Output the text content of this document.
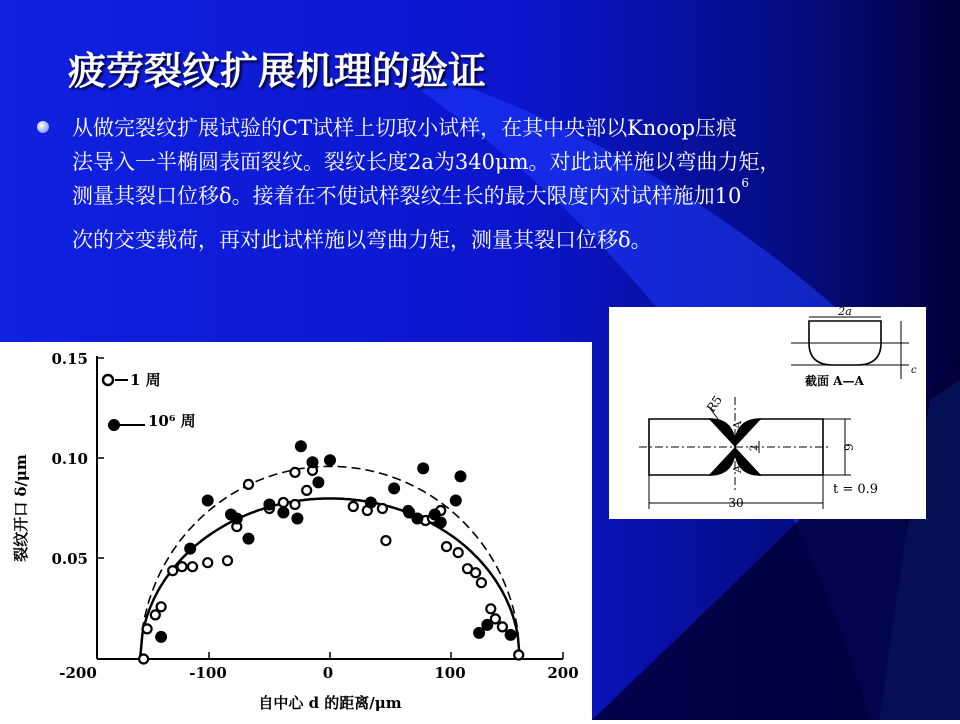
疲劳裂纹扩展机理的验证
从做完裂纹扩展试验的CT试样上切取小试样，在其中央部以Knoop压痕
法导入一半椭圆表面裂纹。裂纹长度2a为340μm。对此试样施以弯曲力矩，
测量其裂口位移δ。接着在不使试样裂纹生长的最大限度内对试样施加$10^6$
次的交变载荷，再对此试样施以弯曲力矩，测量其裂口位移δ。
-200	-100	0	100	200
0.05
0.10
0.15
自中心 d 的距离/μm
裂纹开口 δ/μm
1 周
10⁶ 周
2a
截面 A—A
c
R5
A
A
2	9
30
t = 0.9
